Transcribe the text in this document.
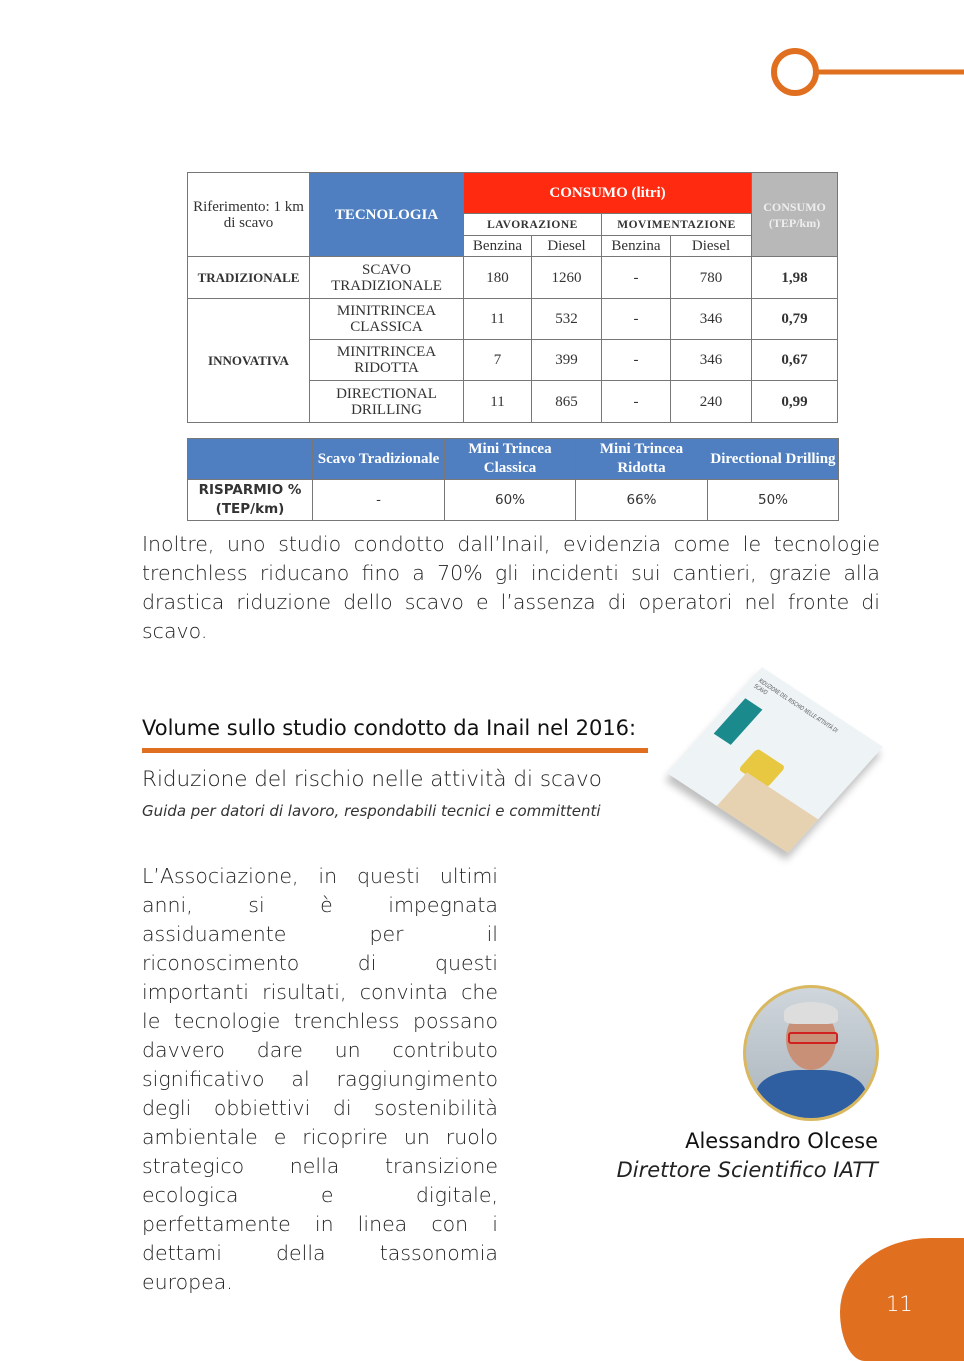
Riferimento: 1 km di scavo	TECNOLOGIA	CONSUMO (litri)				CONSUMO (TEP/km)
		LAVORAZIONE		MOVIMENTAZIONE		
		Benzina	Diesel	Benzina	Diesel	
TRADIZIONALE	SCAVO TRADIZIONALE	180	1260	-	780	1,98
INNOVATIVA	MINITRINCEA CLASSICA	11	532	-	346	0,79
	MINITRINCEA RIDOTTA	7	399	-	346	0,67
	DIRECTIONAL DRILLING	11	865	-	240	0,99
	Scavo Tradizionale	Mini Trincea Classica	Mini Trincea Ridotta	Directional Drilling
RISPARMIO % (TEP/km)	-	60%	66%	50%

Inoltre, uno studio condotto dall’Inail, evidenzia come le tecnologie trenchless riducano fino a 70% gli incidenti sui cantieri, grazie alla drastica riduzione dello scavo e l’assenza di operatori nel fronte di scavo.

Volume sullo studio condotto da Inail nel 2016:
Riduzione del rischio nelle attività di scavo
Guida per datori di lavoro, respondabili tecnici e committenti
RIDUZIONE DEL RISCHIO NELLE ATTIVITÀ DI SCAVO

L’Associazione, in questi ultimi anni, si è impegnata assiduamente per il riconoscimento di questi importanti risultati, convinta che le tecnologie trenchless possano davvero dare un contributo significativo al raggiungimento degli obbiettivi di sostenibilità ambientale e ricoprire un ruolo strategico nella transizione ecologica e digitale, perfettamente in linea con i dettami della tassonomia europea.

Alessandro Olcese
Direttore Scientifico IATT
11
